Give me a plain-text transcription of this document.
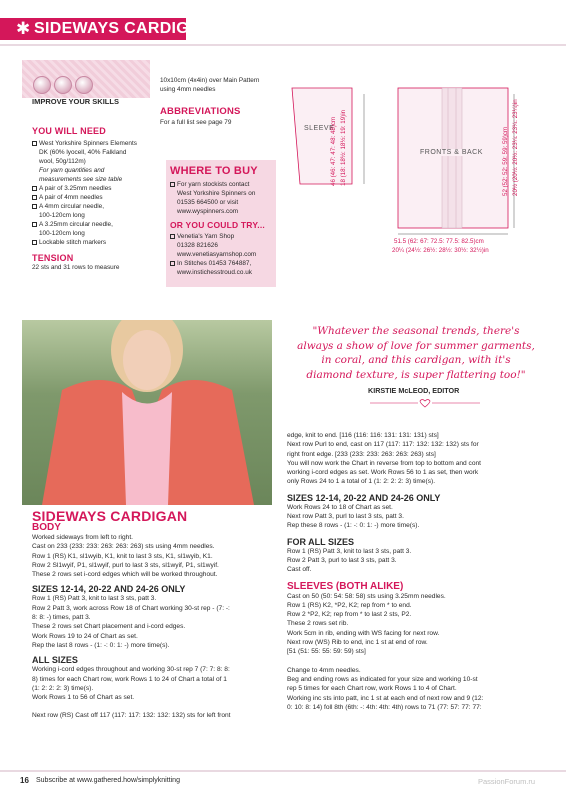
✱ SIDEWAYS CARDIGAN
IMPROVE YOUR SKILLS
YOU WILL NEED
West Yorkshire Spinners Elements
DK (60% lyocell, 40% Falkland
wool, 50g/112m)
For yarn quantities and
measurements see size table
A pair of 3.25mm needles
A pair of 4mm needles
A 4mm circular needle,
100-120cm long
A 3.25mm circular needle,
100-120cm long
Lockable stitch markers
TENSION
22 sts and 31 rows to measure
10x10cm (4x4in) over Main Pattern
using 4mm needles
ABBREVIATIONS
For a full list see page 79
WHERE TO BUY
For yarn stockists contact
West Yorkshire Spinners on
01535 664500 or visit
www.wyspinners.com
OR YOU COULD TRY...
Venetia's Yarn Shop
01328 821626
www.venetiasyarnshop.com
In Stitches 01453 764887,
www.instichesstroud.co.uk
SLEEVE
FRONTS & BACK
46 (46: 47: 47: 48: 48)cm 18 (18: 18½: 18½: 19: 19)in	52 (52: 52: 59: 59: 59)cm 20½ (20½: 20½: 23¼: 23¼: 23¼)in
51.5 (62: 67: 72.5: 77.5: 82.5)cm
20¼ (24½: 26½: 28½: 30½: 32½)in
"Whatever the seasonal trends, there's
always a show of love for summer garments,
in coral, and this cardigan, with it's
diamond texture, is super flattering too!"
KIRSTIE McLEOD, EDITOR
SIDEWAYS CARDIGAN
BODY
Worked sideways from left to right.
Cast on 233 (233: 233: 263: 263: 263) sts using 4mm needles.
Row 1 (RS) K1, sl1wyib, K1, knit to last 3 sts, K1, sl1wyib, K1.
Row 2 Sl1wyif, P1, sl1wyif, purl to last 3 sts, sl1wyif, P1, sl1wyif.
These 2 rows set i-cord edges which will be worked throughout.
SIZES 12-14, 20-22 AND 24-26 ONLY
Row 1 (RS) Patt 3, knit to last 3 sts, patt 3.
Row 2 Patt 3, work across Row 18 of Chart working 30-st rep - (7: -:
8: 8: -) times, patt 3.
These 2 rows set Chart placement and i-cord edges.
Work Rows 19 to 24 of Chart as set.
Rep the last 8 rows - (1: -: 0: 1: -) more time(s).
ALL SIZES
Working i-cord edges throughout and working 30-st rep 7 (7: 7: 8: 8:
8) times for each Chart row, work Rows 1 to 24 of Chart a total of 1
(1: 2: 2: 2: 3) time(s).
Work Rows 1 to 56 of Chart as set.
Next row (RS) Cast off 117 (117: 117: 132: 132: 132) sts for left front
edge, knit to end. [116 (116: 116: 131: 131: 131) sts]
Next row Purl to end, cast on 117 (117: 117: 132: 132: 132) sts for
right front edge. [233 (233: 233: 263: 263: 263) sts]
You will now work the Chart in reverse from top to bottom and cont
working i-cord edges as set. Work Rows 56 to 1 as set, then work
only Rows 24 to 1 a total of 1 (1: 2: 2: 2: 3) time(s).
SIZES 12-14, 20-22 AND 24-26 ONLY
Work Rows 24 to 18 of Chart as set.
Next row Patt 3, purl to last 3 sts, patt 3.
Rep these 8 rows - (1: -: 0: 1: -) more time(s).
FOR ALL SIZES
Row 1 (RS) Patt 3, knit to last 3 sts, patt 3.
Row 2 Patt 3, purl to last 3 sts, patt 3.
Cast off.
SLEEVES (BOTH ALIKE)
Cast on 50 (50: 54: 58: 58) sts using 3.25mm needles.
Row 1 (RS) K2, *P2, K2; rep from * to end.
Row 2 *P2, K2; rep from * to last 2 sts, P2.
These 2 rows set rib.
Work 5cm in rib, ending with WS facing for next row.
Next row (WS) Rib to end, inc 1 st at end of row.
[51 (51: 55: 55: 59: 59) sts]
Change to 4mm needles.
Beg and ending rows as indicated for your size and working 10-st
rep 5 times for each Chart row, work Rows 1 to 4 of Chart.
Working inc sts into patt, inc 1 st at each end of next row and 9 (12:
0: 10: 8: 14) foll 8th (6th: -: 4th: 4th: 4th) rows to 71 (77: 57: 77: 77:
16 Subscribe at www.gathered.how/simplyknitting	PassionForum.ru
